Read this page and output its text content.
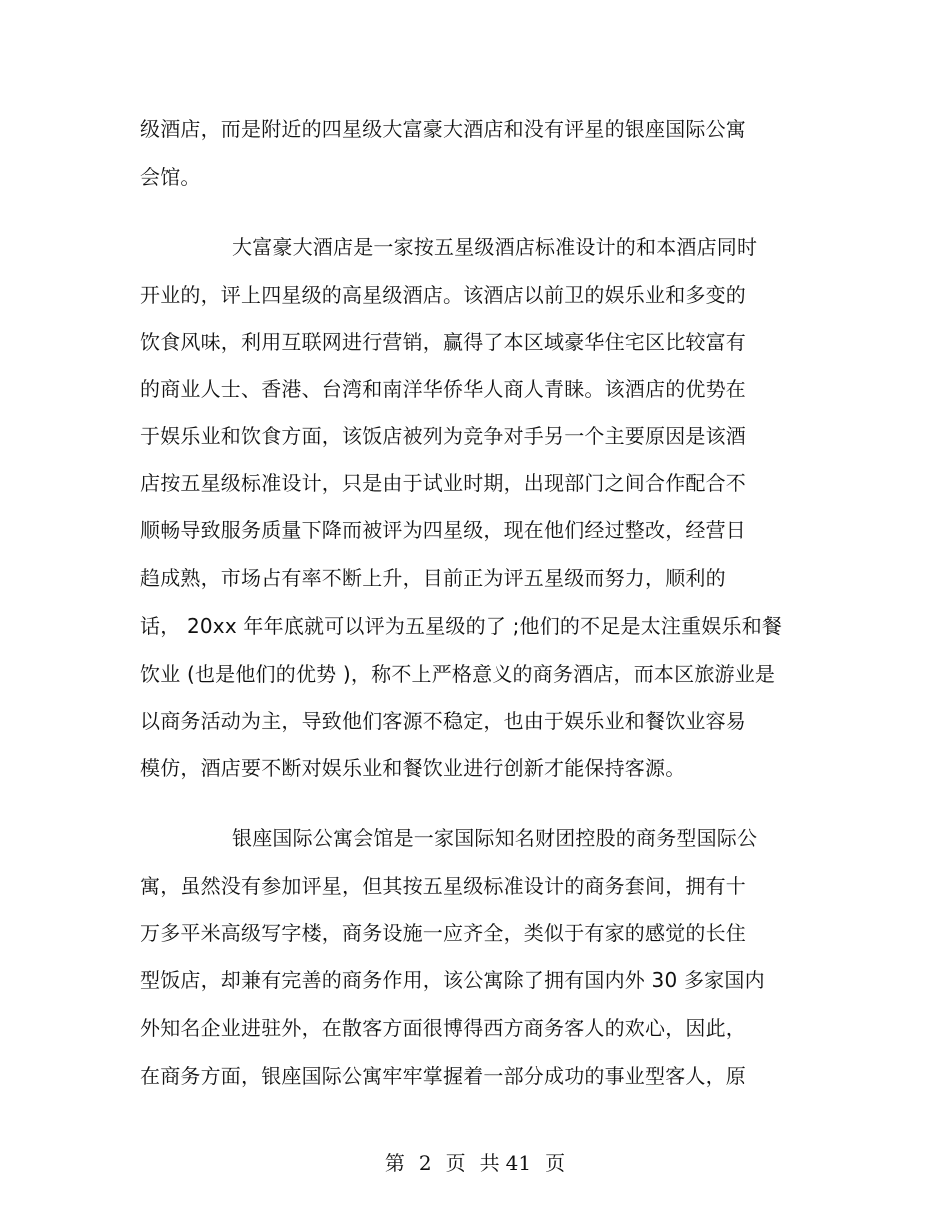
级酒店，而是附近的四星级大富豪大酒店和没有评星的银座国际公寓
会馆。
大富豪大酒店是一家按五星级酒店标准设计的和本酒店同时
开业的，评上四星级的高星级酒店。该酒店以前卫的娱乐业和多变的
饮食风味，利用互联网进行营销，赢得了本区域豪华住宅区比较富有
的商业人士、香港、台湾和南洋华侨华人商人青睐。该酒店的优势在
于娱乐业和饮食方面，该饭店被列为竞争对手另一个主要原因是该酒
店按五星级标准设计，只是由于试业时期，出现部门之间合作配合不
顺畅导致服务质量下降而被评为四星级，现在他们经过整改，经营日
趋成熟，市场占有率不断上升，目前正为评五星级而努力，顺利的
话， 20xx 年年底就可以评为五星级的了 ;他们的不足是太注重娱乐和餐
饮业 (也是他们的优势 )，称不上严格意义的商务酒店，而本区旅游业是
以商务活动为主，导致他们客源不稳定，也由于娱乐业和餐饮业容易
模仿，酒店要不断对娱乐业和餐饮业进行创新才能保持客源。
银座国际公寓会馆是一家国际知名财团控股的商务型国际公
寓，虽然没有参加评星，但其按五星级标准设计的商务套间，拥有十
万多平米高级写字楼，商务设施一应齐全，类似于有家的感觉的长住
型饭店，却兼有完善的商务作用，该公寓除了拥有国内外 30 多家国内
外知名企业进驻外，在散客方面很博得西方商务客人的欢心，因此，
在商务方面，银座国际公寓牢牢掌握着一部分成功的事业型客人，原
第 2 页 共 41 页
